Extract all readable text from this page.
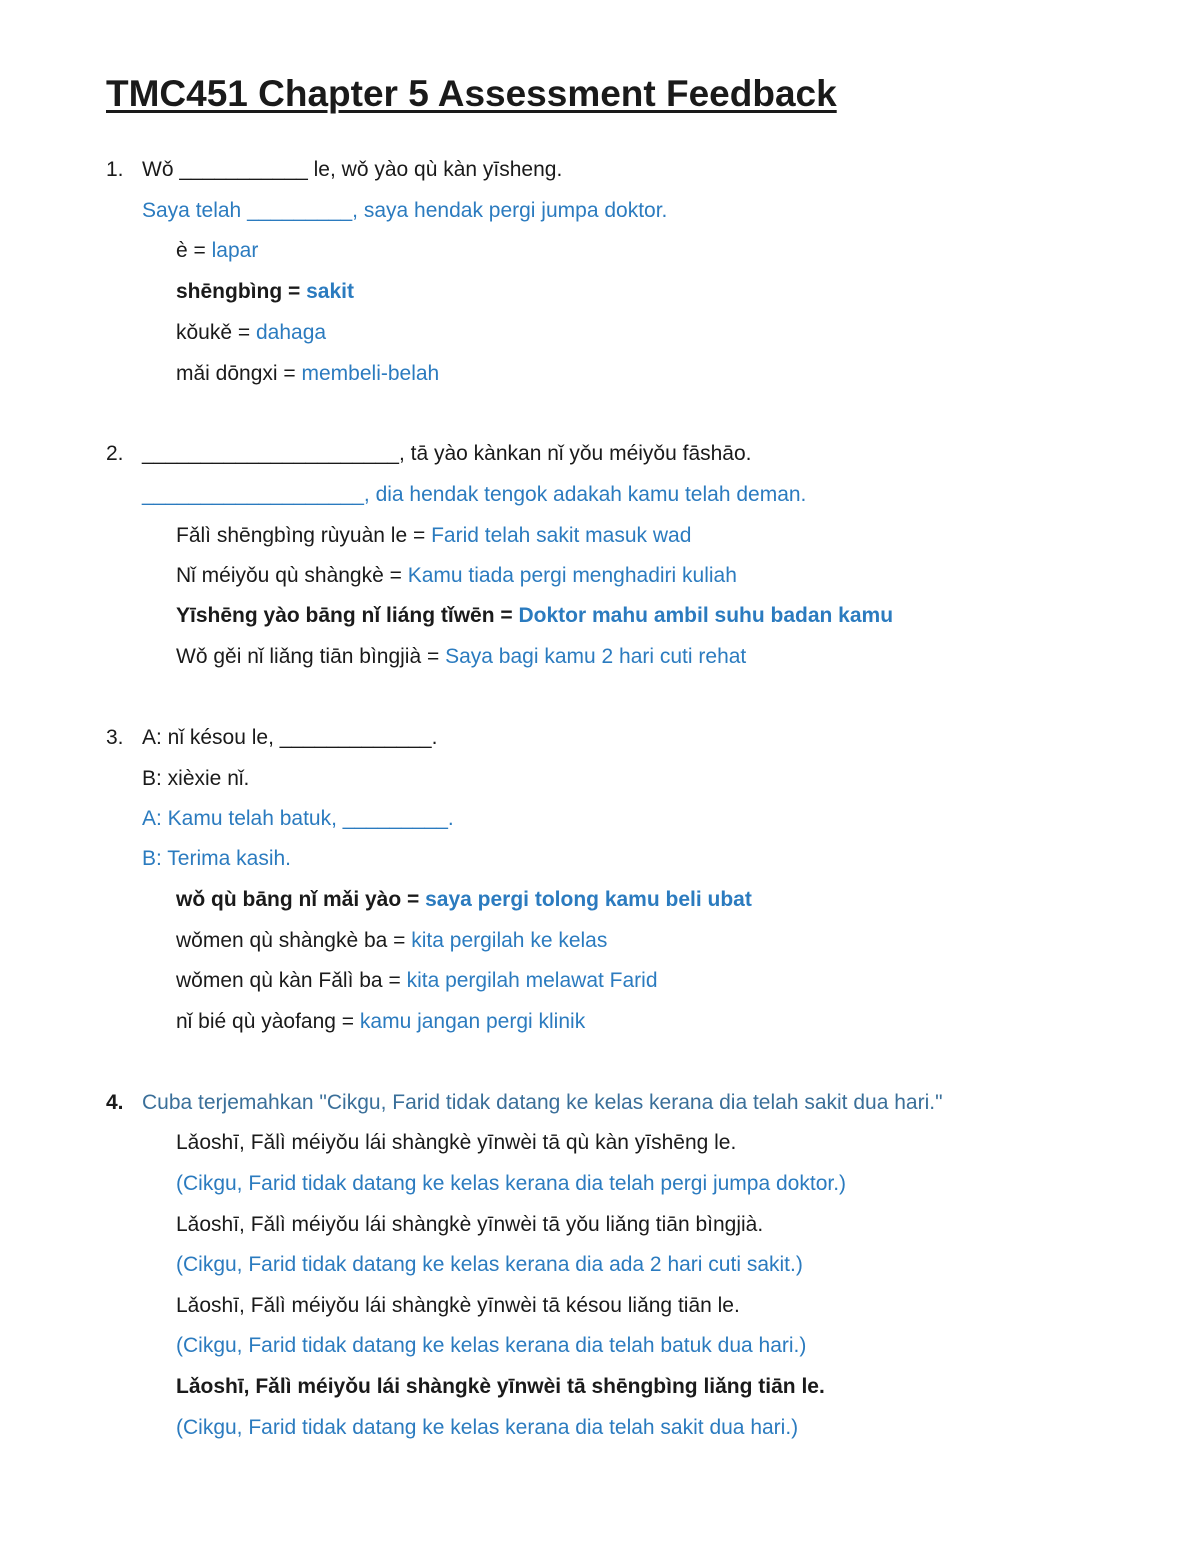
TMC451 Chapter 5 Assessment Feedback
1. Wǒ ___________ le, wǒ yào qù kàn yīsheng.
Saya telah _________, saya hendak pergi jumpa doktor.
è = lapar
shēngbìng = sakit
kǒukě = dahaga
mǎi dōngxi = membeli-belah
2. ______________________, tā yào kànkan nǐ yǒu méiyǒu fāshāo.
___________________, dia hendak tengok adakah kamu telah deman.
Fǎlì shēngbìng rùyuàn le = Farid telah sakit masuk wad
Nǐ méiyǒu qù shàngkè = Kamu tiada pergi menghadiri kuliah
Yīshēng yào bāng nǐ liáng tǐwēn = Doktor mahu ambil suhu badan kamu
Wǒ gěi nǐ liǎng tiān bìngjià = Saya bagi kamu 2 hari cuti rehat
3. A: nǐ késou le, _____________.
B: xièxie nǐ.
A: Kamu telah batuk, _________.
B: Terima kasih.
wǒ qù bāng nǐ mǎi yào = saya pergi tolong kamu beli ubat
wǒmen qù shàngkè ba = kita pergilah ke kelas
wǒmen qù kàn Fǎlì ba = kita pergilah melawat Farid
nǐ bié qù yàofang = kamu jangan pergi klinik
4. Cuba terjemahkan "Cikgu, Farid tidak datang ke kelas kerana dia telah sakit dua hari."
Lǎoshī, Fǎlì méiyǒu lái shàngkè yīnwèi tā qù kàn yīshēng le.
(Cikgu, Farid tidak datang ke kelas kerana dia telah pergi jumpa doktor.)
Lǎoshī, Fǎlì méiyǒu lái shàngkè yīnwèi tā yǒu liǎng tiān bìngjià.
(Cikgu, Farid tidak datang ke kelas kerana dia ada 2 hari cuti sakit.)
Lǎoshī, Fǎlì méiyǒu lái shàngkè yīnwèi tā késou liǎng tiān le.
(Cikgu, Farid tidak datang ke kelas kerana dia telah batuk dua hari.)
Lǎoshī, Fǎlì méiyǒu lái shàngkè yīnwèi tā shēngbìng liǎng tiān le.
(Cikgu, Farid tidak datang ke kelas kerana dia telah sakit dua hari.)
